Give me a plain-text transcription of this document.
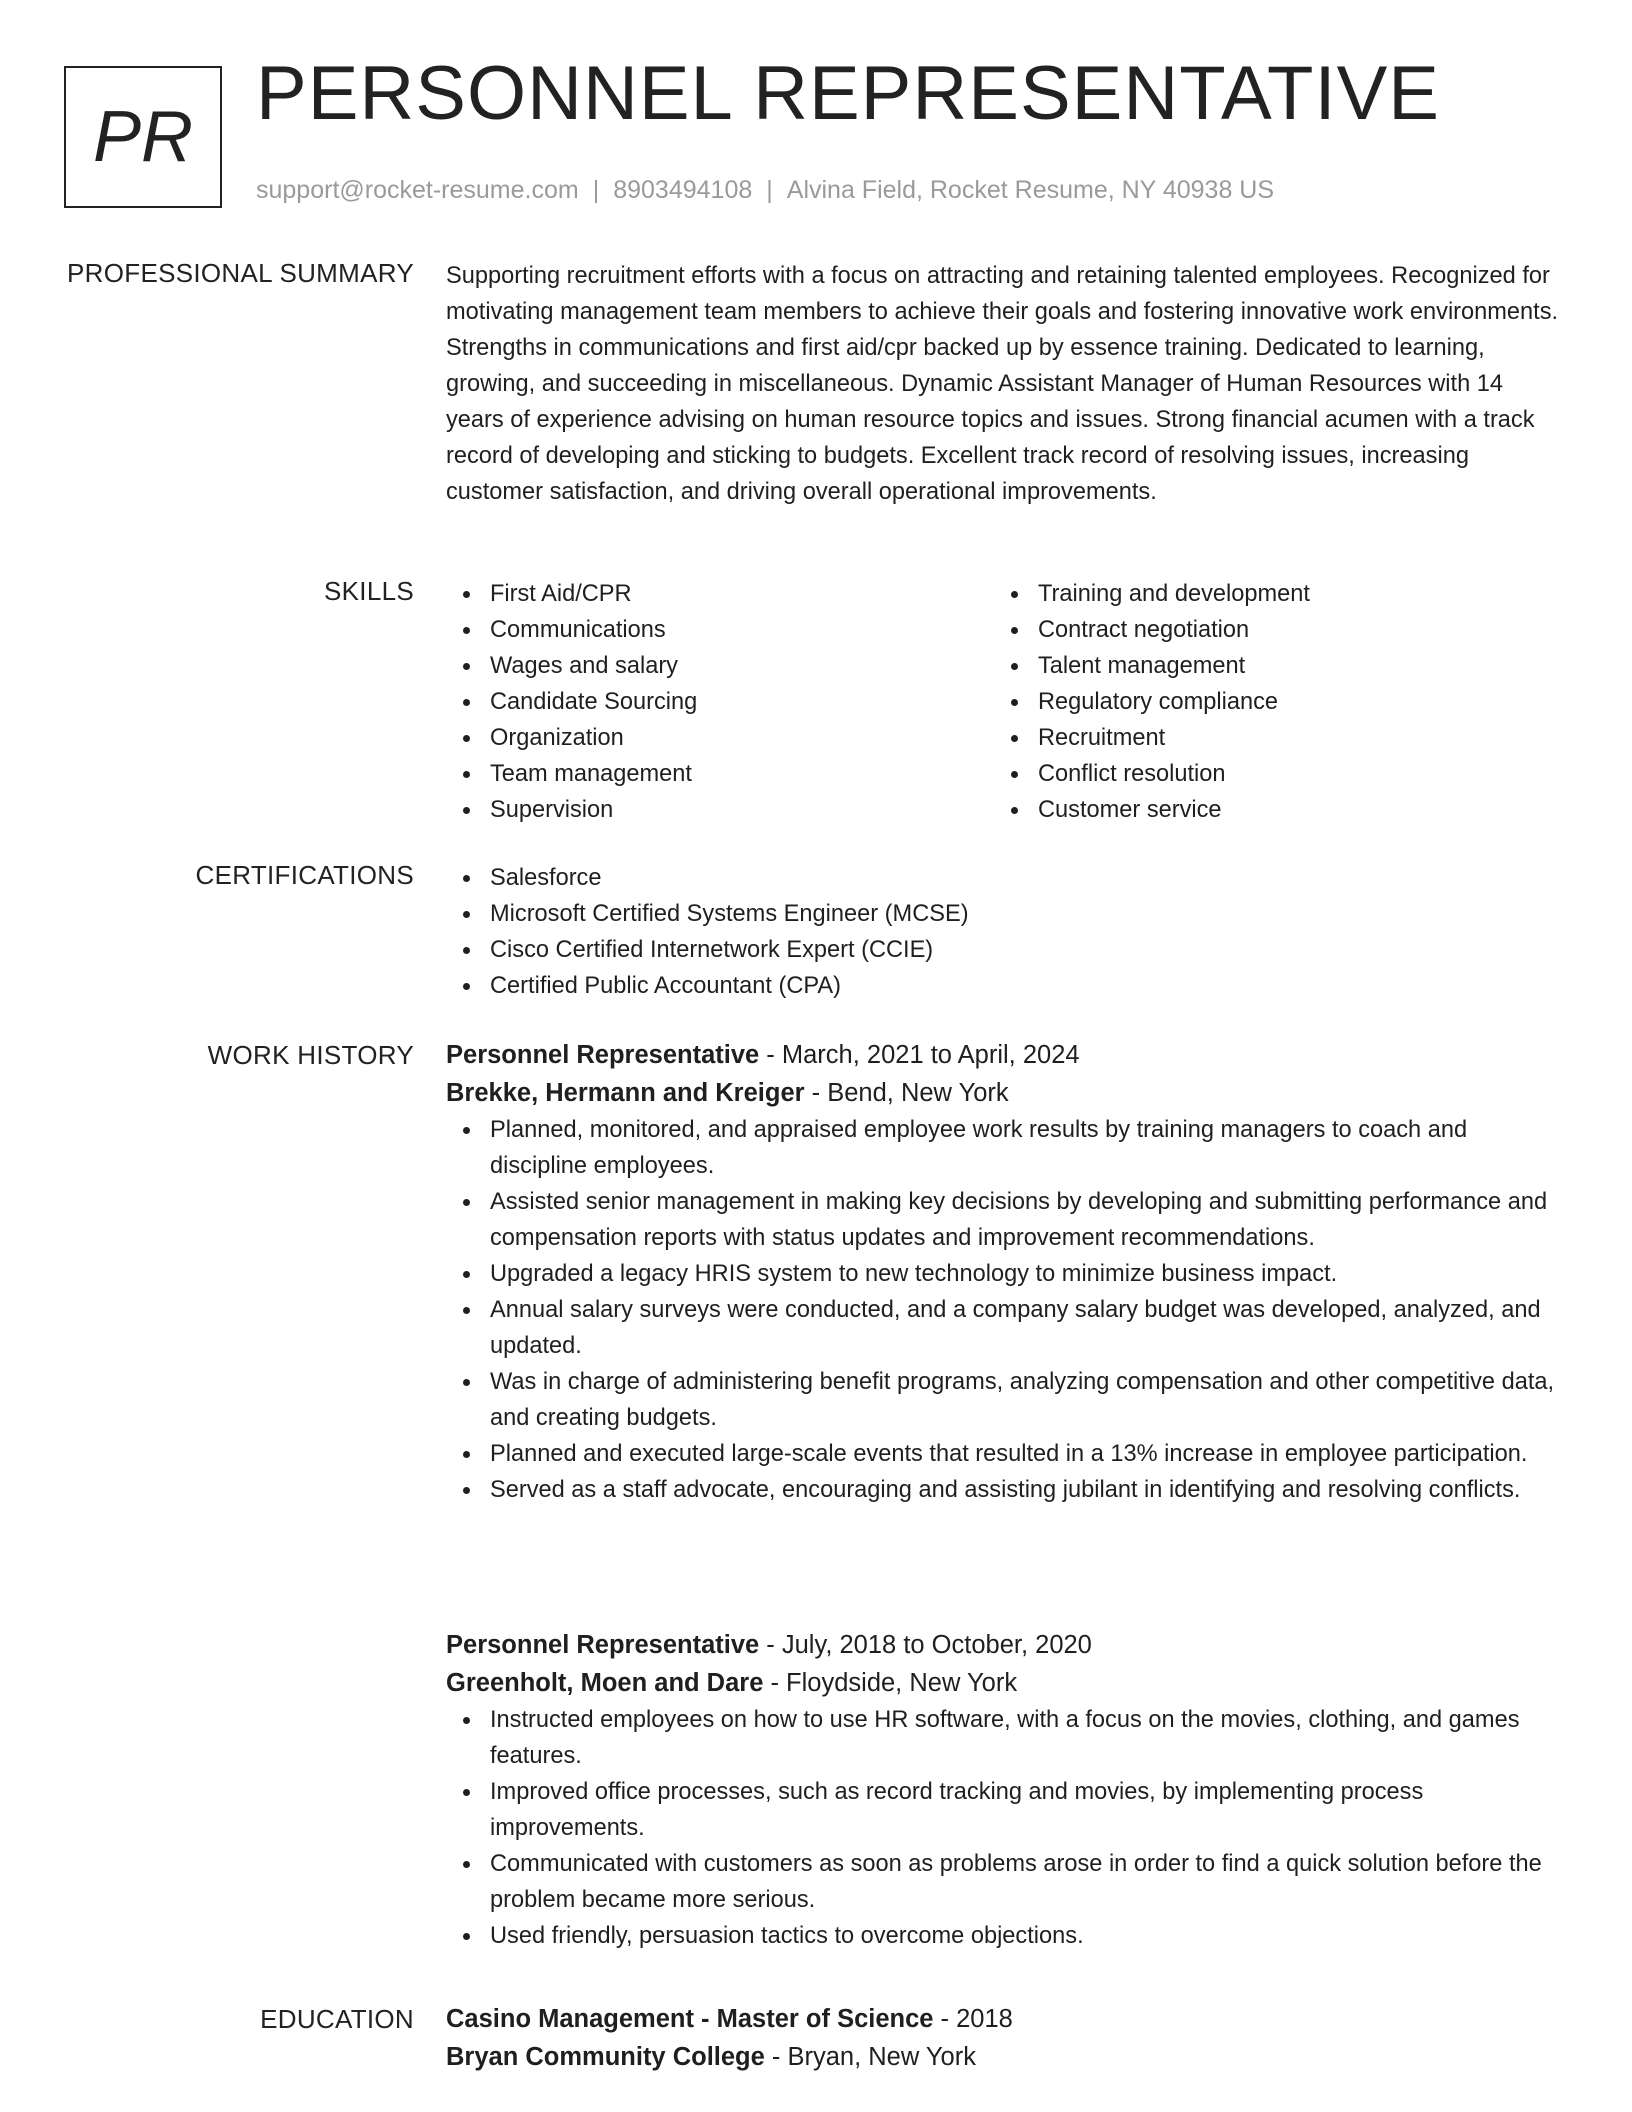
PR
PERSONNEL REPRESENTATIVE
support@rocket-resume.com | 8903494108 | Alvina Field, Rocket Resume, NY 40938 US
PROFESSIONAL SUMMARY Supporting recruitment efforts with a focus on attracting and retaining talented employees. Recognized for motivating management team members to achieve their goals and fostering innovative work environments. Strengths in communications and first aid/cpr backed up by essence training. Dedicated to learning, growing, and succeeding in miscellaneous. Dynamic Assistant Manager of Human Resources with 14 years of experience advising on human resource topics and issues. Strong financial acumen with a track record of developing and sticking to budgets. Excellent track record of resolving issues, increasing customer satisfaction, and driving overall operational improvements.
SKILLS	First Aid/CPR
Communications
Wages and salary
Candidate Sourcing
Organization
Team management
Supervision
Training and development
Contract negotiation
Talent management
Regulatory compliance
Recruitment
Conflict resolution
Customer service
CERTIFICATIONS	Salesforce
Microsoft Certified Systems Engineer (MCSE)
Cisco Certified Internetwork Expert (CCIE)
Certified Public Accountant (CPA)
WORK HISTORY Personnel Representative - March, 2021 to April, 2024
Brekke, Hermann and Kreiger - Bend, New York
Planned, monitored, and appraised employee work results by training managers to coach and discipline employees.
Assisted senior management in making key decisions by developing and submitting performance and compensation reports with status updates and improvement recommendations.
Upgraded a legacy HRIS system to new technology to minimize business impact.
Annual salary surveys were conducted, and a company salary budget was developed, analyzed, and updated.
Was in charge of administering benefit programs, analyzing compensation and other competitive data, and creating budgets.
Planned and executed large-scale events that resulted in a 13% increase in employee participation.
Served as a staff advocate, encouraging and assisting jubilant in identifying and resolving conflicts.
Personnel Representative - July, 2018 to October, 2020
Greenholt, Moen and Dare - Floydside, New York
Instructed employees on how to use HR software, with a focus on the movies, clothing, and games features.
Improved office processes, such as record tracking and movies, by implementing process improvements.
Communicated with customers as soon as problems arose in order to find a quick solution before the problem became more serious.
Used friendly, persuasion tactics to overcome objections.
EDUCATION Casino Management - Master of Science - 2018
Bryan Community College - Bryan, New York
